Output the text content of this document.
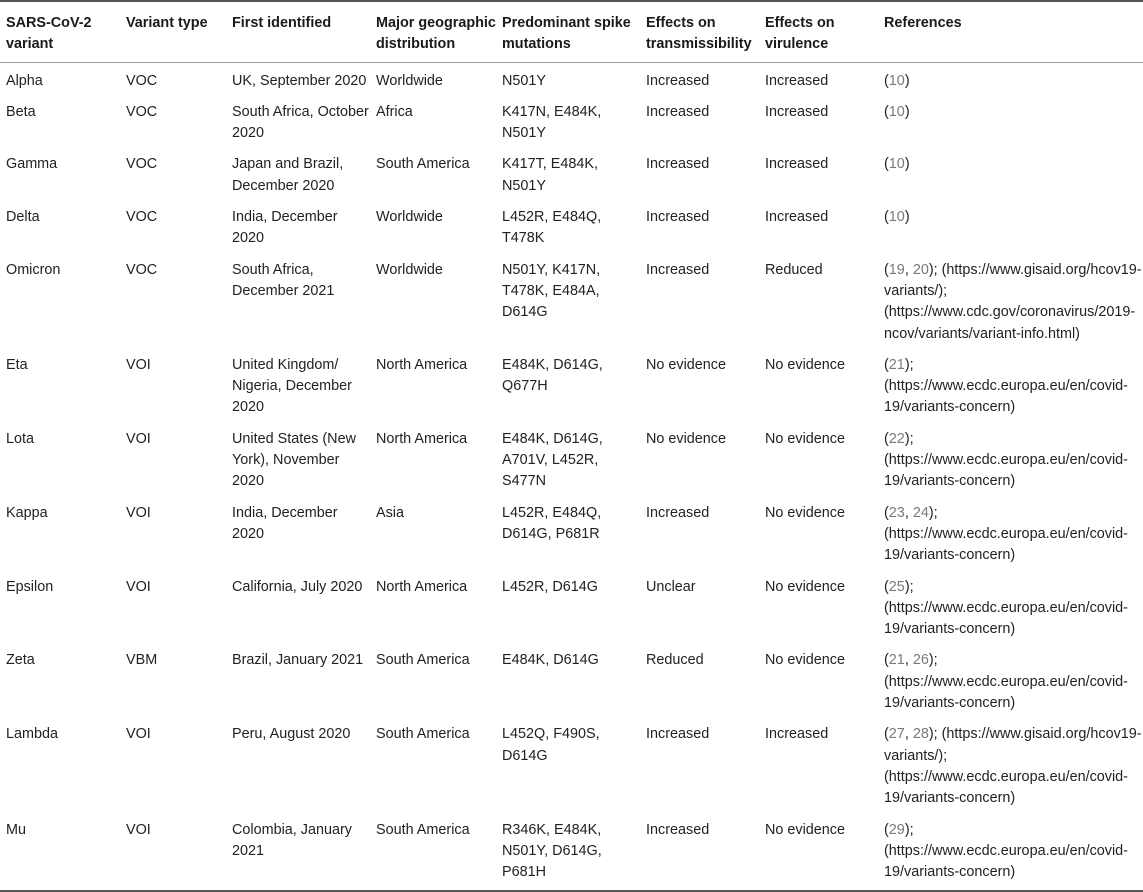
SARS-CoV-2 variant	Variant type	First identified	Major geographic distribution	Predominant spike mutations	Effects on transmissibility	Effects on virulence	References
Alpha	VOC	UK, September 2020	Worldwide	N501Y	Increased	Increased	(10)
Beta	VOC	South Africa, October 2020	Africa	K417N, E484K, N501Y	Increased	Increased	(10)
Gamma	VOC	Japan and Brazil, December 2020	South America	K417T, E484K, N501Y	Increased	Increased	(10)
Delta	VOC	India, December 2020	Worldwide	L452R, E484Q, T478K	Increased	Increased	(10)
Omicron	VOC	South Africa, December 2021	Worldwide	N501Y, K417N, T478K, E484A, D614G	Increased	Reduced	(19, 20); (https://www.gisaid.org/hcov19-variants/); (https://www.cdc.gov/coronavirus/2019-ncov/variants/variant-info.html)
Eta	VOI	United Kingdom/ Nigeria, December 2020	North America	E484K, D614G, Q677H	No evidence	No evidence	(21); (https://www.ecdc.europa.eu/en/covid-19/variants-concern)
Lota	VOI	United States (New York), November 2020	North America	E484K, D614G, A701V, L452R, S477N	No evidence	No evidence	(22); (https://www.ecdc.europa.eu/en/covid-19/variants-concern)
Kappa	VOI	India, December 2020	Asia	L452R, E484Q, D614G, P681R	Increased	No evidence	(23, 24); (https://www.ecdc.europa.eu/en/covid-19/variants-concern)
Epsilon	VOI	California, July 2020	North America	L452R, D614G	Unclear	No evidence	(25); (https://www.ecdc.europa.eu/en/covid-19/variants-concern)
Zeta	VBM	Brazil, January 2021	South America	E484K, D614G	Reduced	No evidence	(21, 26); (https://www.ecdc.europa.eu/en/covid-19/variants-concern)
Lambda	VOI	Peru, August 2020	South America	L452Q, F490S, D614G	Increased	Increased	(27, 28); (https://www.gisaid.org/hcov19-variants/); (https://www.ecdc.europa.eu/en/covid-19/variants-concern)
Mu	VOI	Colombia, January 2021	South America	R346K, E484K, N501Y, D614G, P681H	Increased	No evidence	(29); (https://www.ecdc.europa.eu/en/covid-19/variants-concern)
